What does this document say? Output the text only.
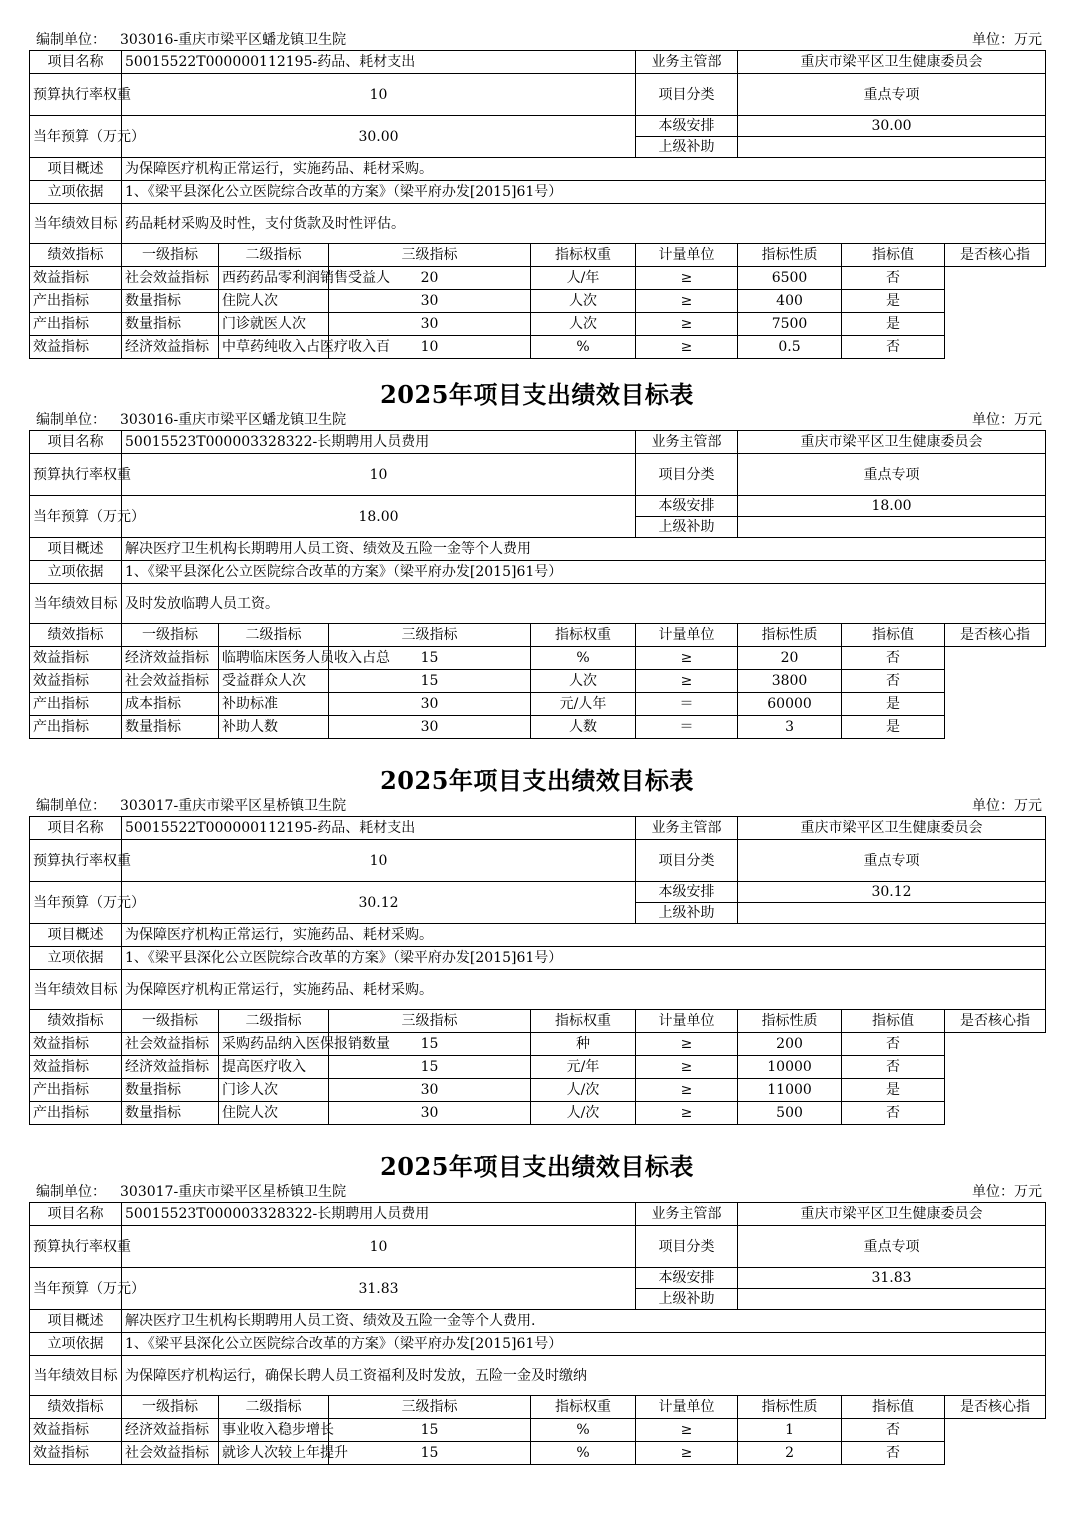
编制单位： 303016-重庆市梁平区蟠龙镇卫生院	单位：万元
项目名称	50015522T000000112195-药品、耗材支出				业务主管部	重庆市梁平区卫生健康委员会		
预算执行率权重	10				项目分类	重点专项		
当年预算（万元）	30.00				本级安排	30.00		
					上级补助			
项目概述	为保障医疗机构正常运行，实施药品、耗材采购。							
立项依据	1、《梁平县深化公立医院综合改革的方案》（梁平府办发[2015]61号）							
当年绩效目标	药品耗材采购及时性，支付货款及时性评估。							
绩效指标	一级指标	二级指标	三级指标	指标权重	计量单位	指标性质	指标值	是否核心指
效益指标	社会效益指标	西药药品零利润销售受益人	20	人/年	≥	6500	否	
产出指标	数量指标	住院人次	30	人次	≥	400	是	
产出指标	数量指标	门诊就医人次	30	人次	≥	7500	是	
效益指标	经济效益指标	中草药纯收入占医疗收入百	10	%	≥	0.5	否	
2025年项目支出绩效目标表
编制单位： 303016-重庆市梁平区蟠龙镇卫生院	单位：万元
项目名称	50015523T000003328322-长期聘用人员费用				业务主管部	重庆市梁平区卫生健康委员会		
预算执行率权重	10				项目分类	重点专项		
当年预算（万元）	18.00				本级安排	18.00		
					上级补助			
项目概述	解决医疗卫生机构长期聘用人员工资、绩效及五险一金等个人费用							
立项依据	1、《梁平县深化公立医院综合改革的方案》（梁平府办发[2015]61号）							
当年绩效目标	及时发放临聘人员工资。							
绩效指标	一级指标	二级指标	三级指标	指标权重	计量单位	指标性质	指标值	是否核心指
效益指标	经济效益指标	临聘临床医务人员收入占总	15	%	≥	20	否	
效益指标	社会效益指标	受益群众人次	15	人次	≥	3800	否	
产出指标	成本指标	补助标准	30	元/人年	＝	60000	是	
产出指标	数量指标	补助人数	30	人数	＝	3	是	
2025年项目支出绩效目标表
编制单位： 303017-重庆市梁平区星桥镇卫生院	单位：万元
项目名称	50015522T000000112195-药品、耗材支出				业务主管部	重庆市梁平区卫生健康委员会		
预算执行率权重	10				项目分类	重点专项		
当年预算（万元）	30.12				本级安排	30.12		
					上级补助			
项目概述	为保障医疗机构正常运行，实施药品、耗材采购。							
立项依据	1、《梁平县深化公立医院综合改革的方案》（梁平府办发[2015]61号）							
当年绩效目标	为保障医疗机构正常运行，实施药品、耗材采购。							
绩效指标	一级指标	二级指标	三级指标	指标权重	计量单位	指标性质	指标值	是否核心指
效益指标	社会效益指标	采购药品纳入医保报销数量	15	种	≥	200	否	
效益指标	经济效益指标	提高医疗收入	15	元/年	≥	10000	否	
产出指标	数量指标	门诊人次	30	人/次	≥	11000	是	
产出指标	数量指标	住院人次	30	人/次	≥	500	否	
2025年项目支出绩效目标表
编制单位： 303017-重庆市梁平区星桥镇卫生院	单位：万元
项目名称	50015523T000003328322-长期聘用人员费用				业务主管部	重庆市梁平区卫生健康委员会		
预算执行率权重	10				项目分类	重点专项		
当年预算（万元）	31.83				本级安排	31.83		
					上级补助			
项目概述	解决医疗卫生机构长期聘用人员工资、绩效及五险一金等个人费用.							
立项依据	1、《梁平县深化公立医院综合改革的方案》（梁平府办发[2015]61号）							
当年绩效目标	为保障医疗机构运行，确保长聘人员工资福利及时发放，五险一金及时缴纳							
绩效指标	一级指标	二级指标	三级指标	指标权重	计量单位	指标性质	指标值	是否核心指
效益指标	经济效益指标	事业收入稳步增长	15	%	≥	1	否	
效益指标	社会效益指标	就诊人次较上年提升	15	%	≥	2	否	
